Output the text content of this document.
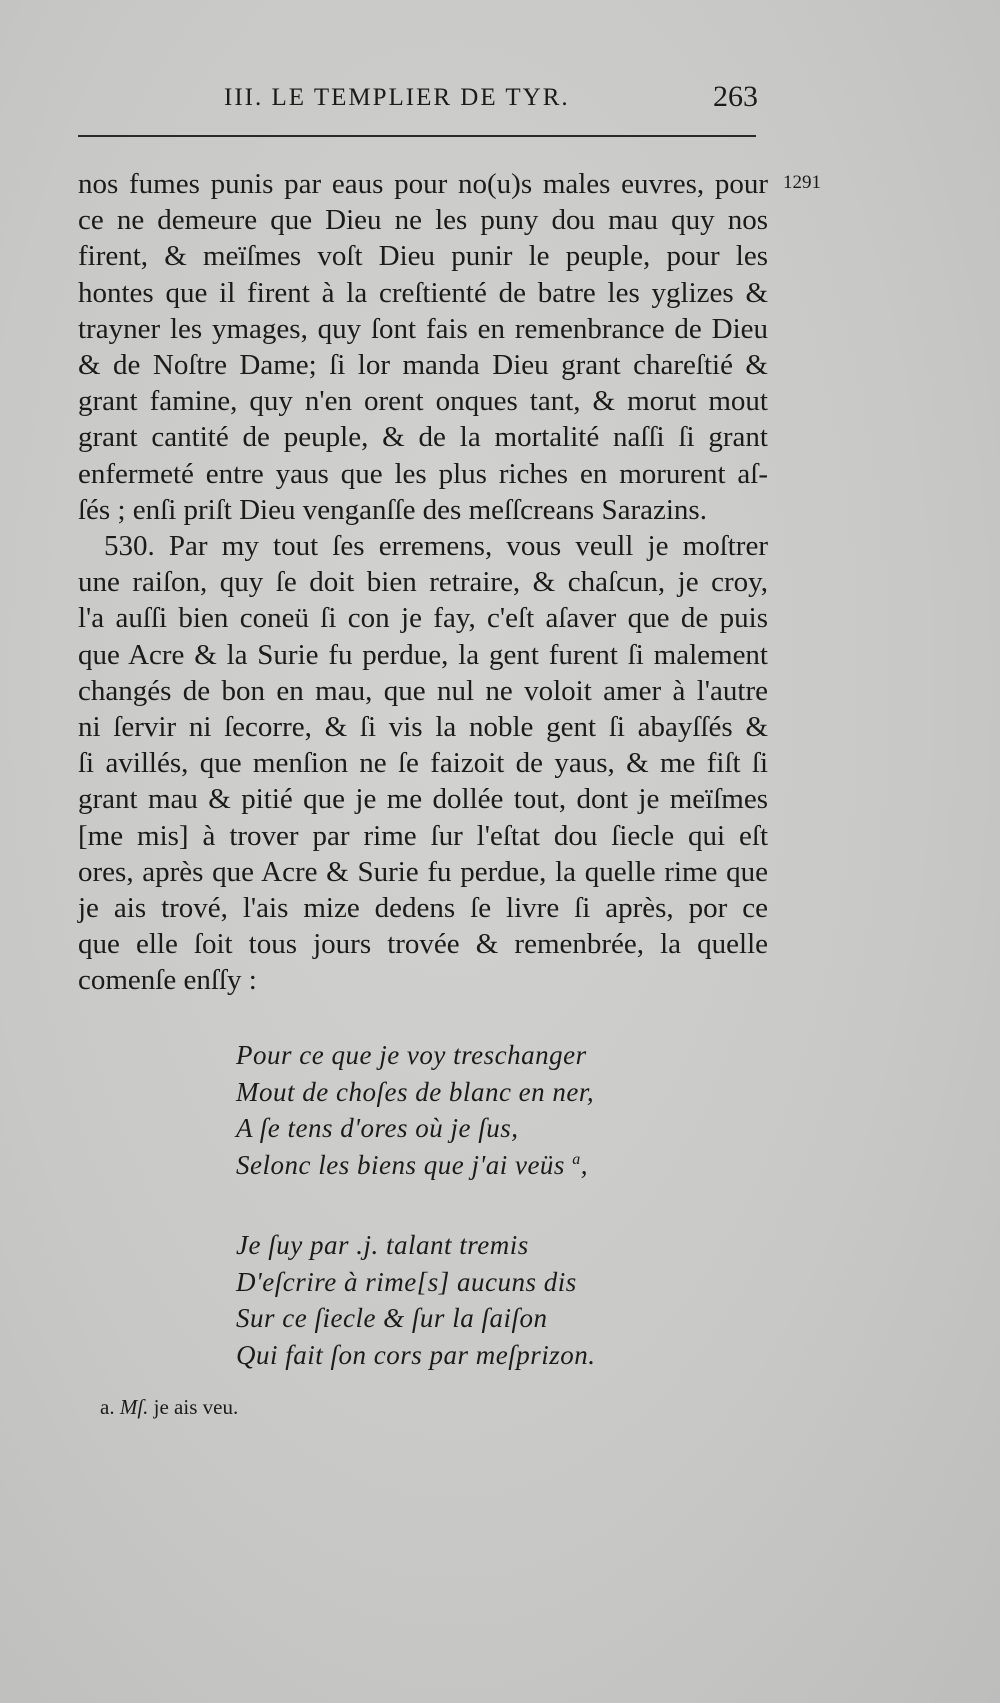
III. LE TEMPLIER DE TYR.	263
1291
nos fumes punis par eaus pour no(u)s males euvres, pour
ce ne demeure que Dieu ne les puny dou mau quy nos
firent, & meïſmes voſt Dieu punir le peuple, pour les
hontes que il firent à la creſtienté de batre les yglizes &
trayner les ymages, quy ſont fais en remenbrance de Dieu
& de Noſtre Dame; ſi lor manda Dieu grant chareſtié &
grant famine, quy n'en orent onques tant, & morut mout
grant cantité de peuple, & de la mortalité naſſi ſi grant
enfermeté entre yaus que les plus riches en morurent aſ-
ſés ; enſi priſt Dieu venganſſe des meſſcreans Sarazins.
530. Par my tout ſes erremens, vous veull je moſtrer
une raiſon, quy ſe doit bien retraire, & chaſcun, je croy,
l'a auſſi bien coneü ſi con je fay, c'eſt aſaver que de puis
que Acre & la Surie fu perdue, la gent furent ſi malement
changés de bon en mau, que nul ne voloit amer à l'autre
ni ſervir ni ſecorre, & ſi vis la noble gent ſi abayſſés &
ſi avillés, que menſion ne ſe faizoit de yaus, & me fiſt ſi
grant mau & pitié que je me dollée tout, dont je meïſmes
[me mis] à trover par rime ſur l'eſtat dou ſiecle qui eſt
ores, après que Acre & Surie fu perdue, la quelle rime que
je ais trové, l'ais mize dedens ſe livre ſi après, por ce
que elle ſoit tous jours trovée & remenbrée, la quelle
comenſe enſſy :
Pour ce que je voy treschanger
Mout de choſes de blanc en ner,
A ſe tens d'ores où je ſus,
Selonc les biens que j'ai veüs $^a$,
Je ſuy par .j. talant tremis
D'eſcrire à rime[s] aucuns dis
Sur ce ſiecle & ſur la ſaiſon
Qui fait ſon cors par meſprizon.
a. Mſ. je ais veu.
